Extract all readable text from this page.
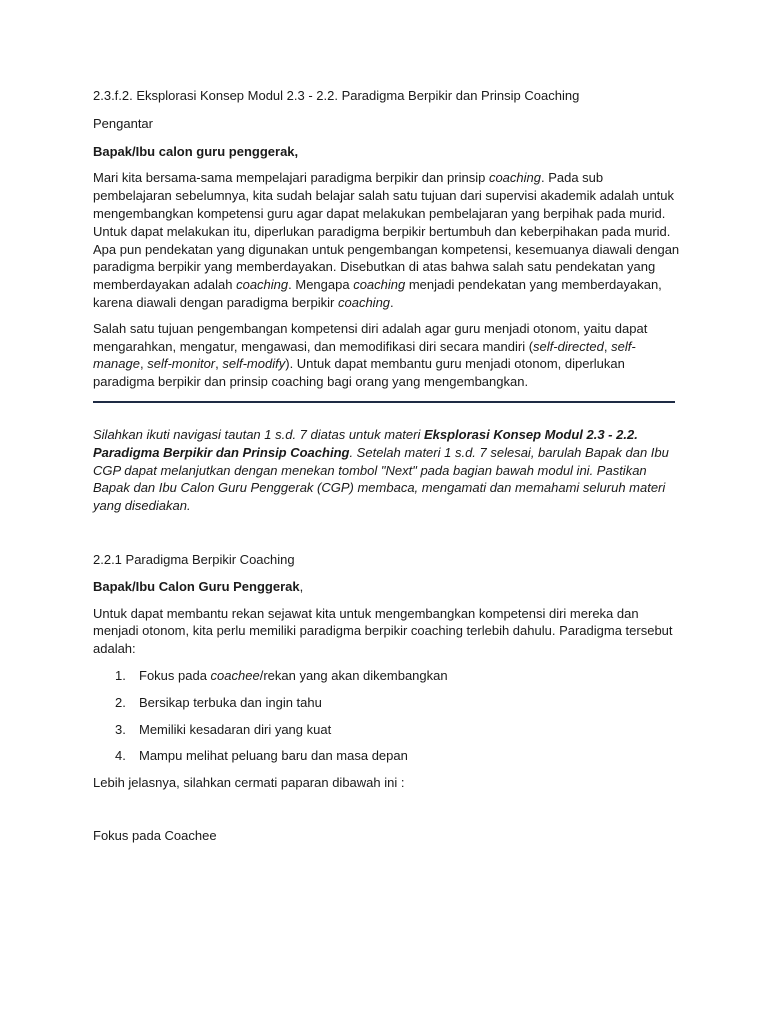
2.3.f.2. Eksplorasi Konsep Modul 2.3 - 2.2. Paradigma Berpikir dan Prinsip Coaching

Pengantar

Bapak/Ibu calon guru penggerak,

Mari kita bersama-sama mempelajari paradigma berpikir dan prinsip coaching. Pada sub pembelajaran sebelumnya, kita sudah belajar salah satu tujuan dari supervisi akademik adalah untuk mengembangkan kompetensi guru agar dapat melakukan pembelajaran yang berpihak pada murid. Untuk dapat melakukan itu, diperlukan paradigma berpikir bertumbuh dan keberpihakan pada murid. Apa pun pendekatan yang digunakan untuk pengembangan kompetensi, kesemuanya diawali dengan paradigma berpikir yang memberdayakan. Disebutkan di atas bahwa salah satu pendekatan yang memberdayakan adalah coaching. Mengapa coaching menjadi pendekatan yang memberdayakan, karena diawali dengan paradigma berpikir coaching.

Salah satu tujuan pengembangan kompetensi diri adalah agar guru menjadi otonom, yaitu dapat mengarahkan, mengatur, mengawasi, dan memodifikasi diri secara mandiri (self-directed, self-manage, self-monitor, self-modify). Untuk dapat membantu guru menjadi otonom, diperlukan paradigma berpikir dan prinsip coaching bagi orang yang mengembangkan.

Silahkan ikuti navigasi tautan 1 s.d. 7 diatas untuk materi Eksplorasi Konsep Modul 2.3 - 2.2. Paradigma Berpikir dan Prinsip Coaching. Setelah materi 1 s.d. 7 selesai, barulah Bapak dan Ibu CGP dapat melanjutkan dengan menekan tombol "Next" pada bagian bawah modul ini. Pastikan Bapak dan Ibu Calon Guru Penggerak (CGP) membaca, mengamati dan memahami seluruh materi yang disediakan.

2.2.1 Paradigma Berpikir Coaching

Bapak/Ibu Calon Guru Penggerak,

Untuk dapat membantu rekan sejawat kita untuk mengembangkan kompetensi diri mereka dan menjadi otonom, kita perlu memiliki paradigma berpikir coaching terlebih dahulu. Paradigma tersebut adalah:

1. Fokus pada coachee/rekan yang akan dikembangkan
2. Bersikap terbuka dan ingin tahu
3. Memiliki kesadaran diri yang kuat
4. Mampu melihat peluang baru dan masa depan

Lebih jelasnya, silahkan cermati paparan dibawah ini :

Fokus pada Coachee
